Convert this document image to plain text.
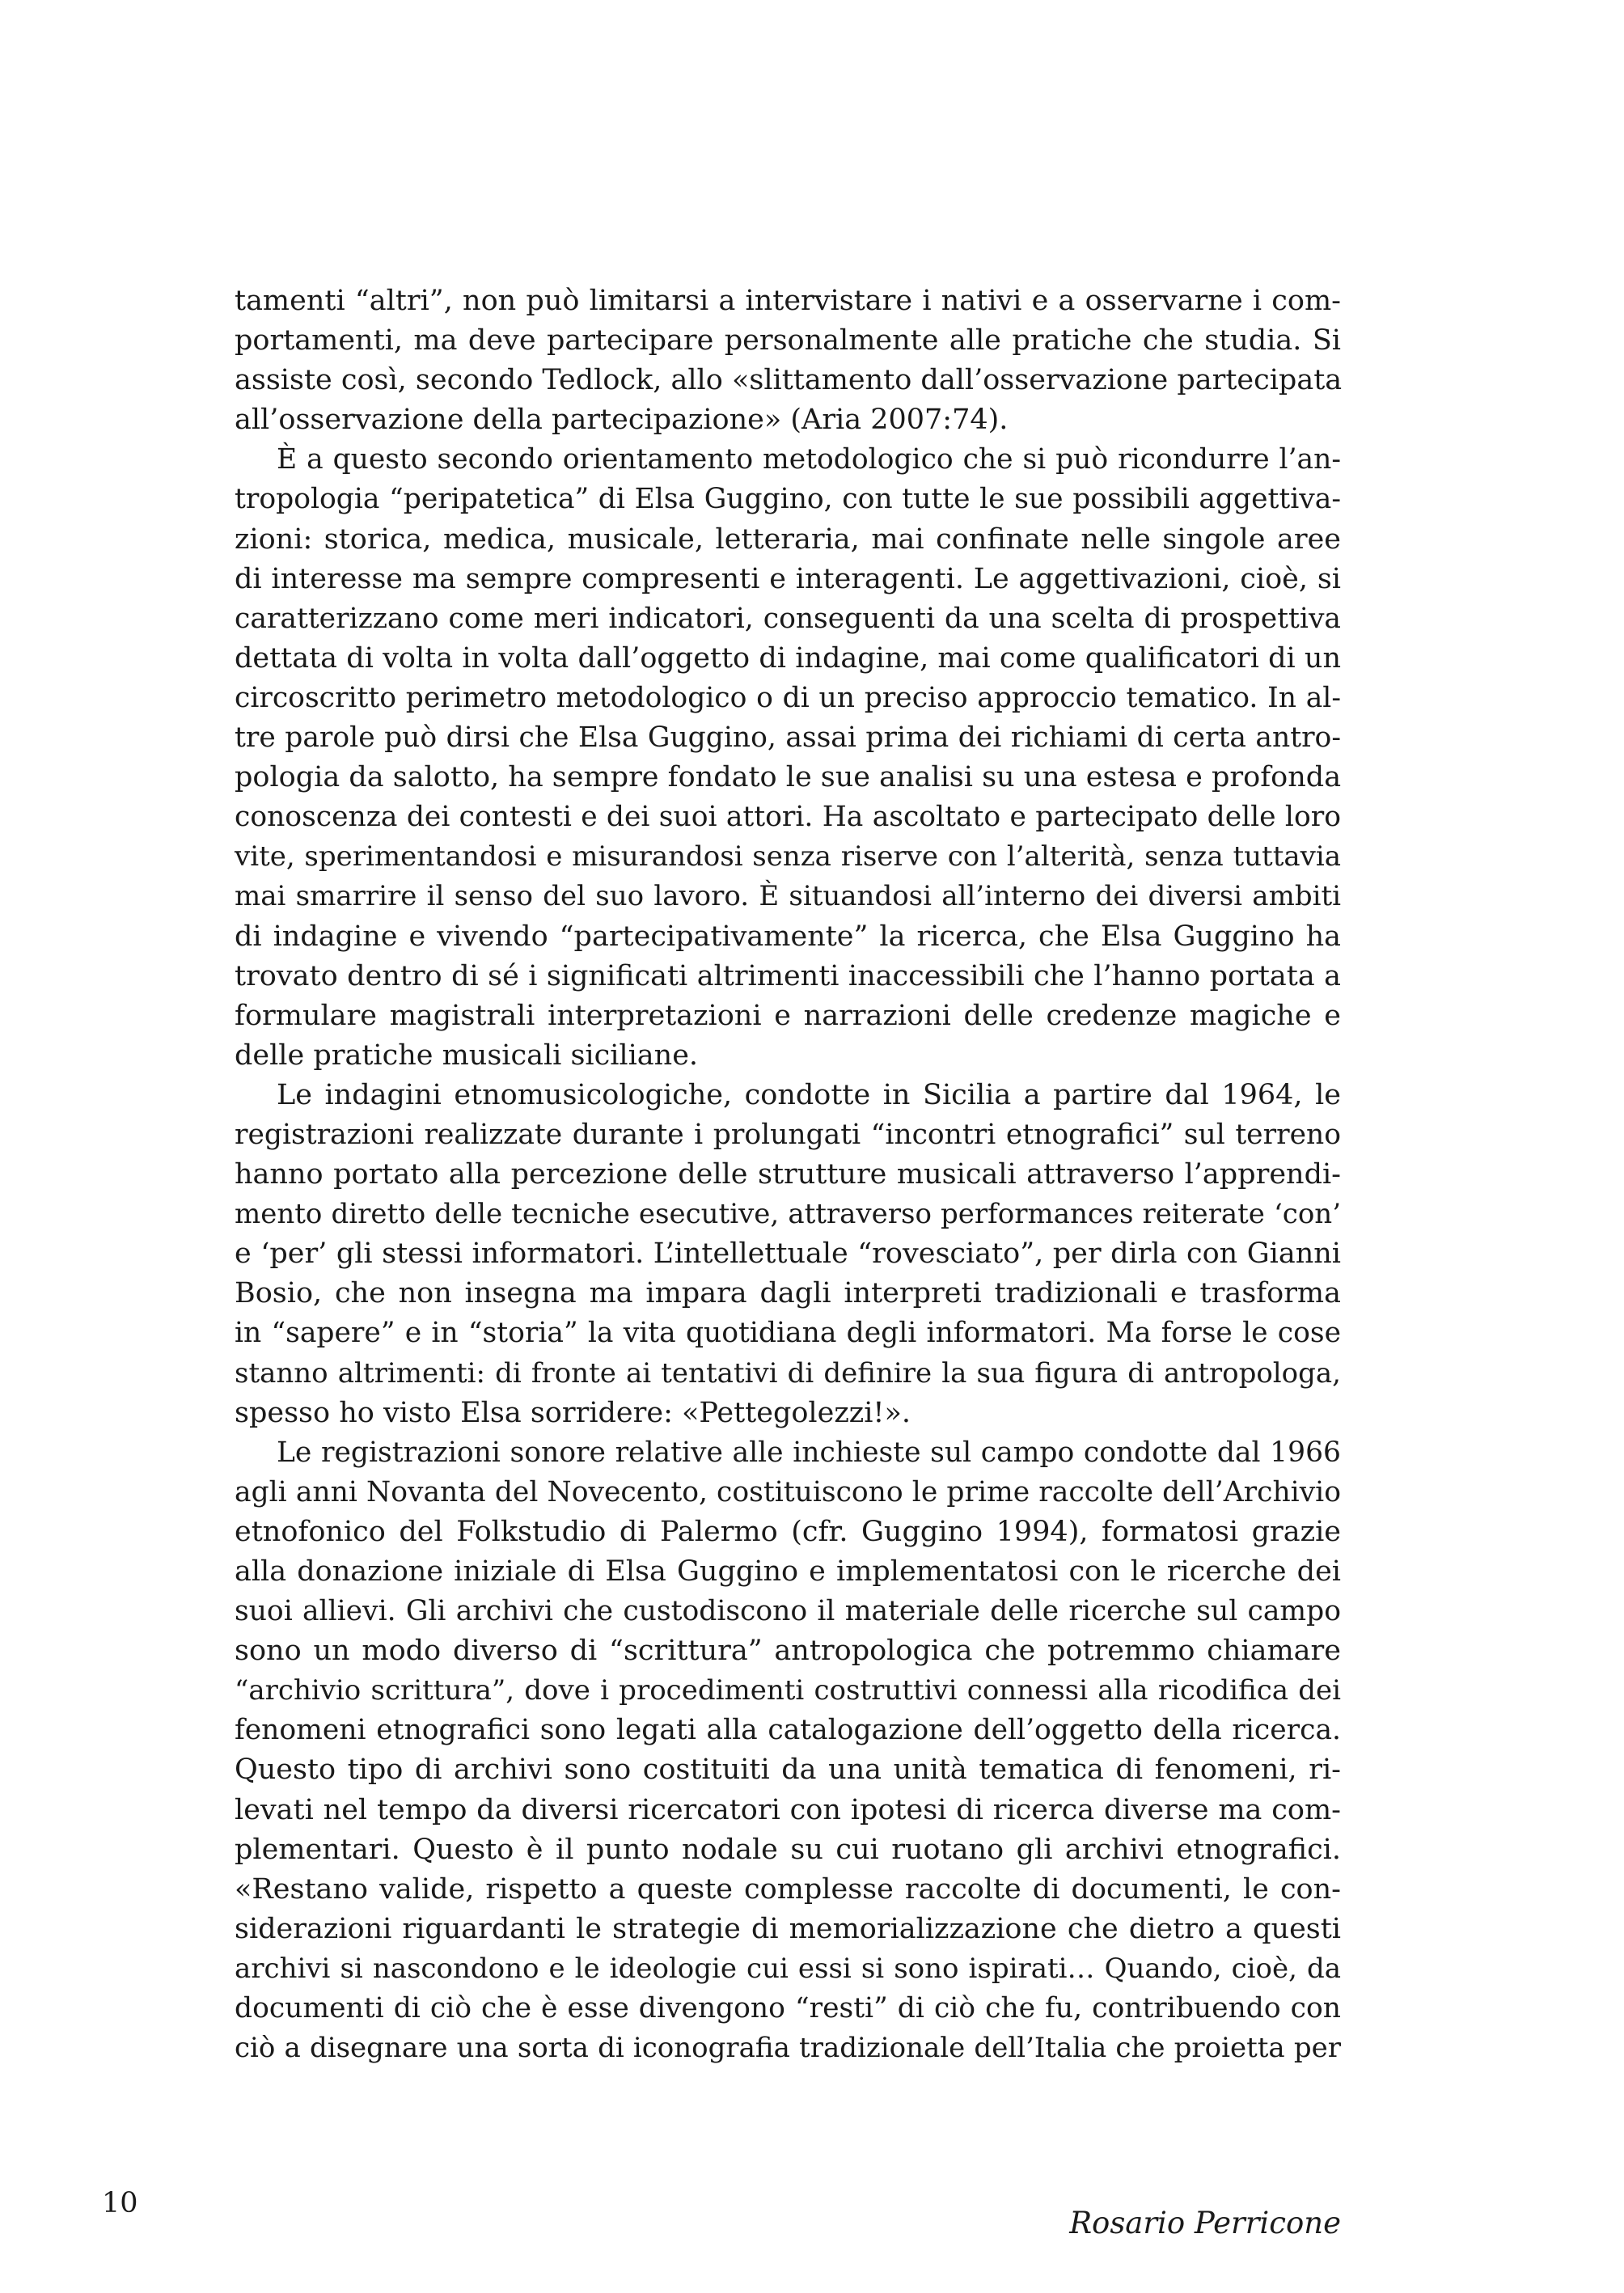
tamenti “altri”, non può limitarsi a intervistare i nativi e a osservarne i com-
portamenti, ma deve partecipare personalmente alle pratiche che studia. Si
assiste così, secondo Tedlock, allo «slittamento dall’osservazione partecipata
all’osservazione della partecipazione» (Aria 2007:74).
È a questo secondo orientamento metodologico che si può ricondurre l’an-
tropologia “peripatetica” di Elsa Guggino, con tutte le sue possibili aggettiva-
zioni: storica, medica, musicale, letteraria, mai confinate nelle singole aree
di interesse ma sempre compresenti e interagenti. Le aggettivazioni, cioè, si
caratterizzano come meri indicatori, conseguenti da una scelta di prospettiva
dettata di volta in volta dall’oggetto di indagine, mai come qualificatori di un
circoscritto perimetro metodologico o di un preciso approccio tematico. In al-
tre parole può dirsi che Elsa Guggino, assai prima dei richiami di certa antro-
pologia da salotto, ha sempre fondato le sue analisi su una estesa e profonda
conoscenza dei contesti e dei suoi attori. Ha ascoltato e partecipato delle loro
vite, sperimentandosi e misurandosi senza riserve con l’alterità, senza tuttavia
mai smarrire il senso del suo lavoro. È situandosi all’interno dei diversi ambiti
di indagine e vivendo “partecipativamente” la ricerca, che Elsa Guggino ha
trovato dentro di sé i significati altrimenti inaccessibili che l’hanno portata a
formulare magistrali interpretazioni e narrazioni delle credenze magiche e
delle pratiche musicali siciliane.
Le indagini etnomusicologiche, condotte in Sicilia a partire dal 1964, le
registrazioni realizzate durante i prolungati “incontri etnografici” sul terreno
hanno portato alla percezione delle strutture musicali attraverso l’apprendi-
mento diretto delle tecniche esecutive, attraverso performances reiterate ‘con’
e ‘per’ gli stessi informatori. L’intellettuale “rovesciato”, per dirla con Gianni
Bosio, che non insegna ma impara dagli interpreti tradizionali e trasforma
in “sapere” e in “storia” la vita quotidiana degli informatori. Ma forse le cose
stanno altrimenti: di fronte ai tentativi di definire la sua figura di antropologa,
spesso ho visto Elsa sorridere: «Pettegolezzi!».
Le registrazioni sonore relative alle inchieste sul campo condotte dal 1966
agli anni Novanta del Novecento, costituiscono le prime raccolte dell’Archivio
etnofonico del Folkstudio di Palermo (cfr. Guggino 1994), formatosi grazie
alla donazione iniziale di Elsa Guggino e implementatosi con le ricerche dei
suoi allievi. Gli archivi che custodiscono il materiale delle ricerche sul campo
sono un modo diverso di “scrittura” antropologica che potremmo chiamare
“archivio scrittura”, dove i procedimenti costruttivi connessi alla ricodifica dei
fenomeni etnografici sono legati alla catalogazione dell’oggetto della ricerca.
Questo tipo di archivi sono costituiti da una unità tematica di fenomeni, ri-
levati nel tempo da diversi ricercatori con ipotesi di ricerca diverse ma com-
plementari. Questo è il punto nodale su cui ruotano gli archivi etnografici.
«Restano valide, rispetto a queste complesse raccolte di documenti, le con-
siderazioni riguardanti le strategie di memorializzazione che dietro a questi
archivi si nascondono e le ideologie cui essi si sono ispirati… Quando, cioè, da
documenti di ciò che è esse divengono “resti” di ciò che fu, contribuendo con
ciò a disegnare una sorta di iconografia tradizionale dell’Italia che proietta per
10
Rosario Perricone
